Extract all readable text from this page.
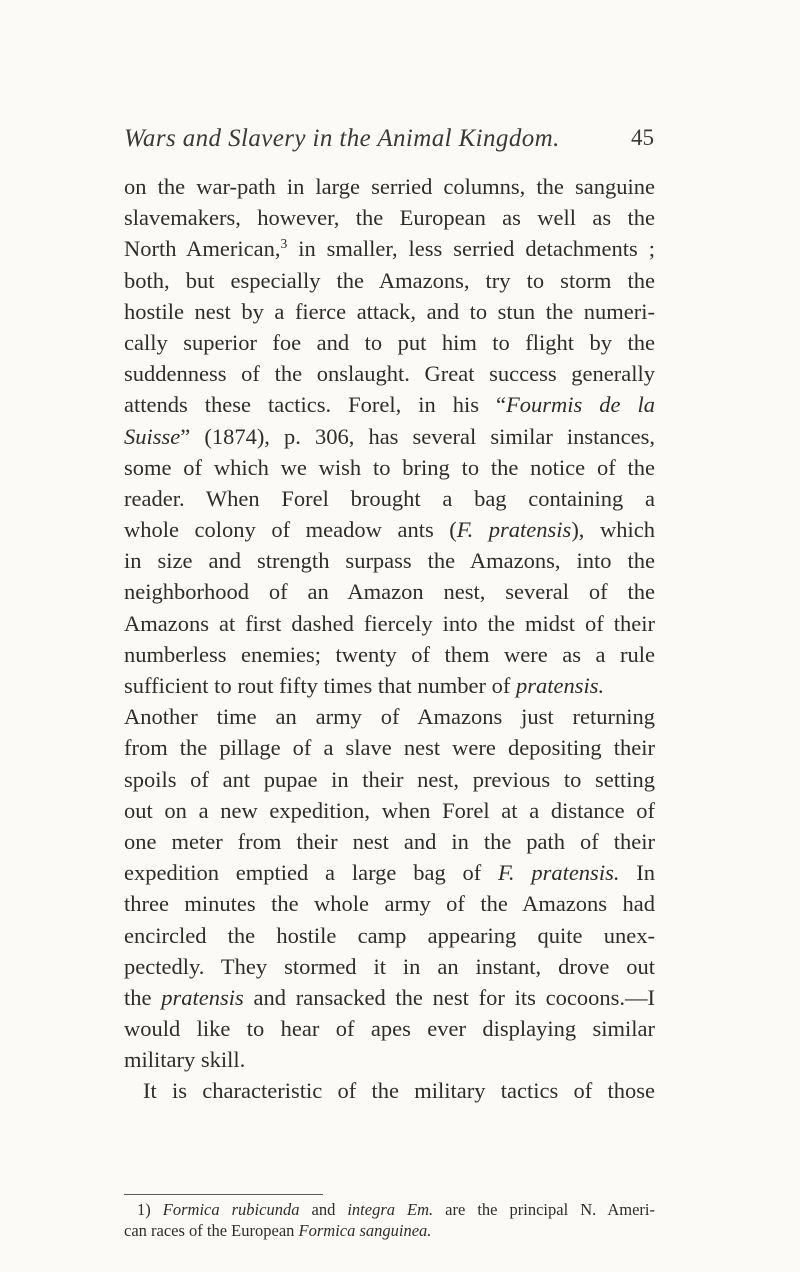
Wars and Slavery in the Animal Kingdom.	45
on the war-path in large serried columns, the sanguine
slavemakers, however, the European as well as the
North American,$^3$ in smaller, less serried detachments ;
both, but especially the Amazons, try to storm the
hostile nest by a fierce attack, and to stun the numeri-
cally superior foe and to put him to flight by the
suddenness of the onslaught. Great success generally
attends these tactics. Forel, in his “Fourmis de la
Suisse” (1874), p. 306, has several similar instances,
some of which we wish to bring to the notice of the
reader. When Forel brought a bag containing a
whole colony of meadow ants (F. pratensis), which
in size and strength surpass the Amazons, into the
neighborhood of an Amazon nest, several of the
Amazons at first dashed fiercely into the midst of their
numberless enemies; twenty of them were as a rule
sufficient to rout fifty times that number of pratensis.
Another time an army of Amazons just returning
from the pillage of a slave nest were depositing their
spoils of ant pupae in their nest, previous to setting
out on a new expedition, when Forel at a distance of
one meter from their nest and in the path of their
expedition emptied a large bag of F. pratensis. In
three minutes the whole army of the Amazons had
encircled the hostile camp appearing quite unex-
pectedly. They stormed it in an instant, drove out
the pratensis and ransacked the nest for its cocoons.—I
would like to hear of apes ever displaying similar
military skill.
It is characteristic of the military tactics of those
1) Formica rubicunda and integra Em. are the principal N. Ameri-
can races of the European Formica sanguinea.
